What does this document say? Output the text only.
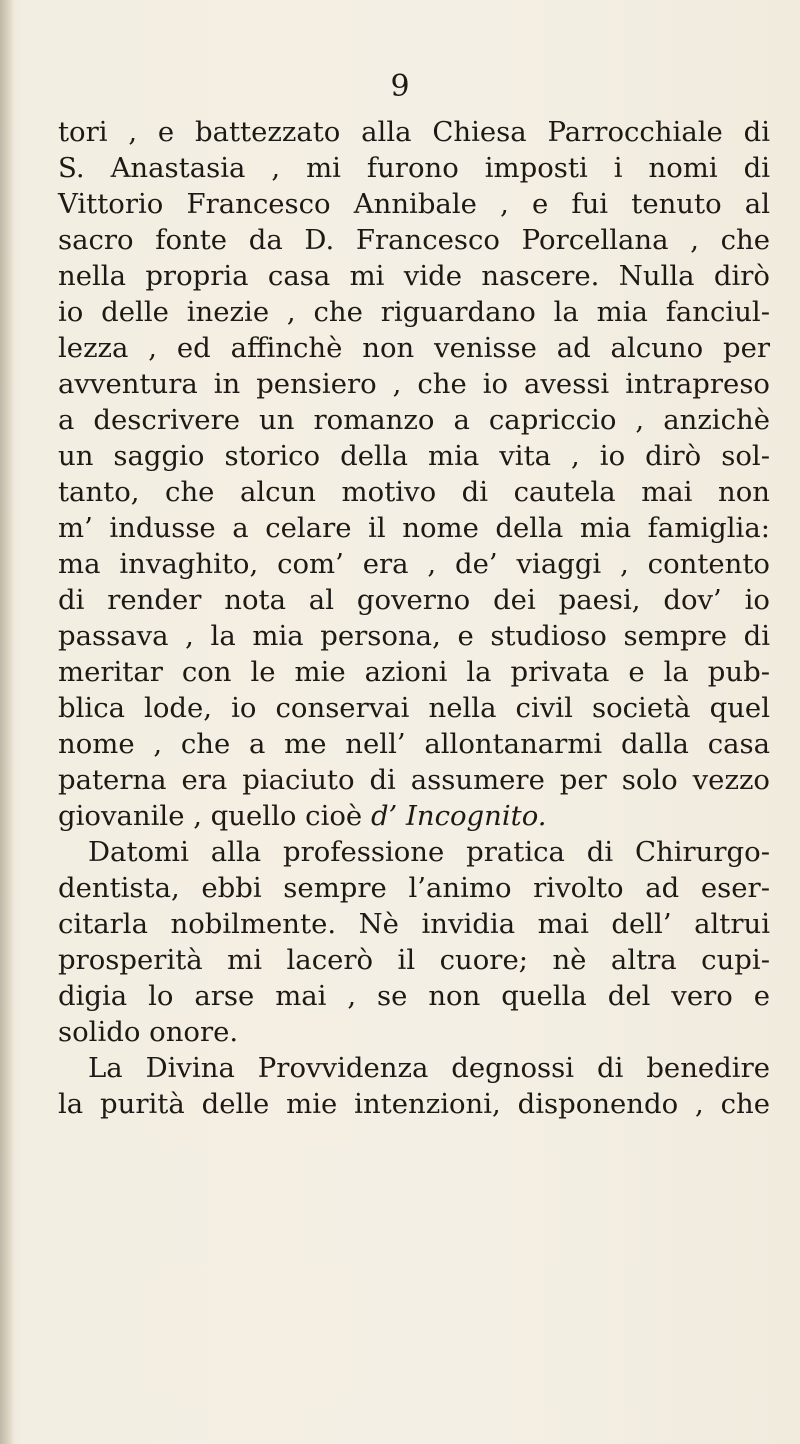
9
tori , e battezzato alla Chiesa Parrocchiale di
S. Anastasia , mi furono imposti i nomi di
Vittorio Francesco Annibale , e fui tenuto al
sacro fonte da D. Francesco Porcellana , che
nella propria casa mi vide nascere. Nulla dirò
io delle inezie , che riguardano la mia fanciul-
lezza , ed affinchè non venisse ad alcuno per
avventura in pensiero , che io avessi intrapreso
a descrivere un romanzo a capriccio , anzichè
un saggio storico della mia vita , io dirò sol-
tanto, che alcun motivo di cautela mai non
m’ indusse a celare il nome della mia famiglia:
ma invaghito, com’ era , de’ viaggi , contento
di render nota al governo dei paesi, dov’ io
passava , la mia persona, e studioso sempre di
meritar con le mie azioni la privata e la pub-
blica lode, io conservai nella civil società quel
nome , che a me nell’ allontanarmi dalla casa
paterna era piaciuto di assumere per solo vezzo
giovanile , quello cioè d’ Incognito.
Datomi alla professione pratica di Chirurgo-
dentista, ebbi sempre l’animo rivolto ad eser-
citarla nobilmente. Nè invidia mai dell’ altrui
prosperità mi lacerò il cuore; nè altra cupi-
digia lo arse mai , se non quella del vero e
solido onore.
La Divina Provvidenza degnossi di benedire
la purità delle mie intenzioni, disponendo , che
